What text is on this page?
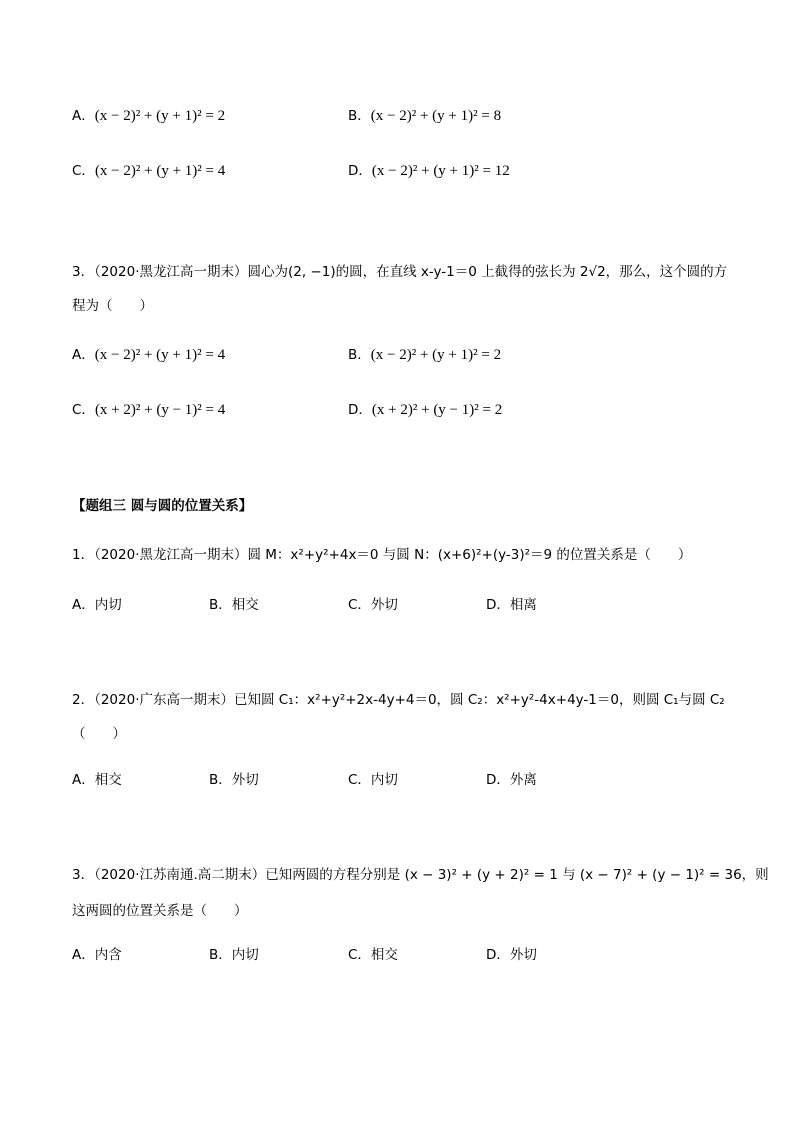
A．(x − 2)² + (y + 1)² = 2	B．(x − 2)² + (y + 1)² = 8
C．(x − 2)² + (y + 1)² = 4	D．(x − 2)² + (y + 1)² = 12
3．（2020·黑龙江高一期末）圆心为(2, −1)的圆，在直线 x-y-1＝0 上截得的弦长为 2√2，那么，这个圆的方
程为（　　）
A．(x − 2)² + (y + 1)² = 4	B．(x − 2)² + (y + 1)² = 2
C．(x + 2)² + (y − 1)² = 4	D．(x + 2)² + (y − 1)² = 2
【题组三 圆与圆的位置关系】
1．（2020·黑龙江高一期末）圆 M：x²+y²+4x＝0 与圆 N：(x+6)²+(y-3)²＝9 的位置关系是（　　）
A．内切	B．相交	C．外切	D．相离
2．（2020·广东高一期末）已知圆 C₁：x²+y²+2x-4y+4＝0，圆 C₂：x²+y²-4x+4y-1＝0，则圆 C₁与圆 C₂
（　　）
A．相交	B．外切	C．内切	D．外离
3．（2020·江苏南通.高二期末）已知两圆的方程分别是 (x − 3)² + (y + 2)² = 1 与 (x − 7)² + (y − 1)² = 36，则
这两圆的位置关系是（　　）
A．内含	B．内切	C．相交	D．外切
